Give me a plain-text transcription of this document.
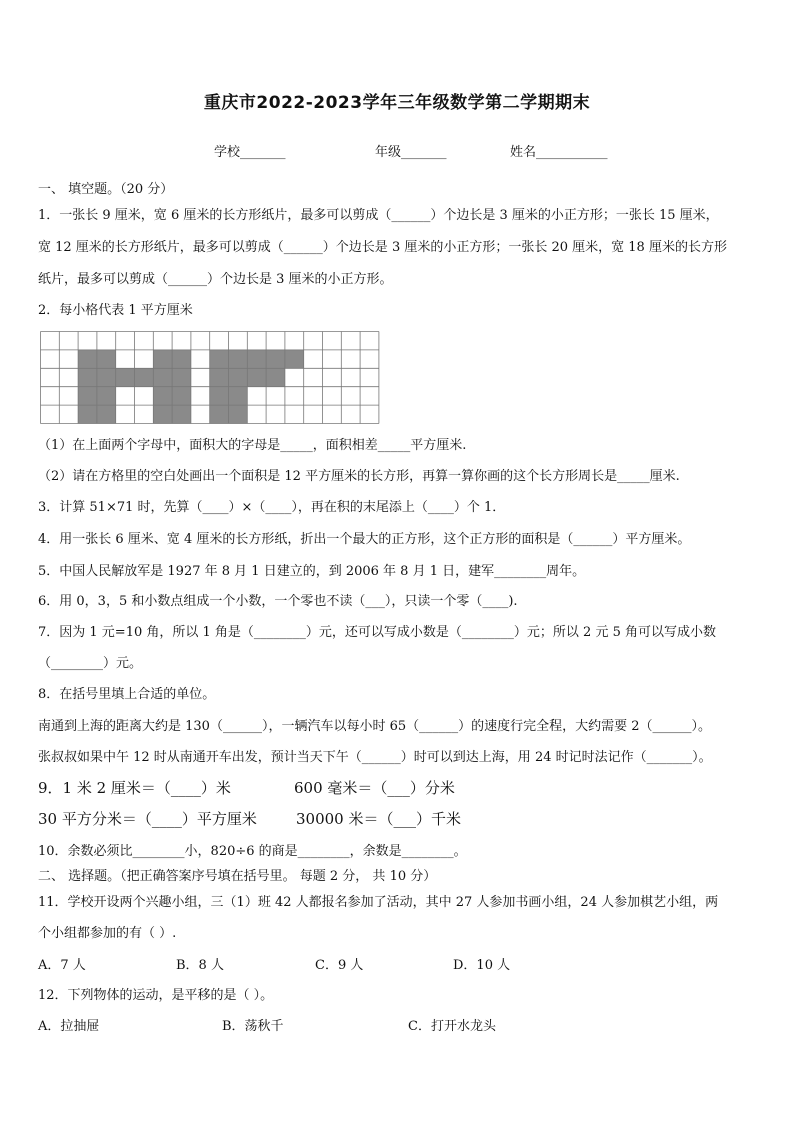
重庆市2022-2023学年三年级数学第二学期期末
学校_______	年级_______	姓名___________
一、 填空题。（20 分）
1．一张长 9 厘米，宽 6 厘米的长方形纸片，最多可以剪成（______）个边长是 3 厘米的小正方形；一张长 15 厘米，
宽 12 厘米的长方形纸片，最多可以剪成（______）个边长是 3 厘米的小正方形；一张长 20 厘米，宽 18 厘米的长方形
纸片，最多可以剪成（______）个边长是 3 厘米的小正方形。
2．每小格代表 1 平方厘米
（1）在上面两个字母中，面积大的字母是_____，面积相差_____平方厘米.
（2）请在方格里的空白处画出一个面积是 12 平方厘米的长方形，再算一算你画的这个长方形周长是_____厘米.
3．计算 51×71 时，先算（____）×（____），再在积的末尾添上（____）个 1．
4．用一张长 6 厘米、宽 4 厘米的长方形纸，折出一个最大的正方形，这个正方形的面积是（______）平方厘米。
5．中国人民解放军是 1927 年 8 月 1 日建立的，到 2006 年 8 月 1 日，建军________周年。
6．用 0，3，5 和小数点组成一个小数，一个零也不读（___），只读一个零（____).
7．因为 1 元=10 角，所以 1 角是（________）元，还可以写成小数是（________）元；所以 2 元 5 角可以写成小数
（________）元。
8．在括号里填上合适的单位。
南通到上海的距离大约是 130（______），一辆汽车以每小时 65（______）的速度行完全程，大约需要 2（______）。
张叔叔如果中午 12 时从南通开车出发，预计当天下午（______）时可以到达上海，用 24 时记时法记作（_______）。
9．1 米 2 厘米＝（____）米	600 毫米＝（___）分米
30 平方分米＝（____）平方厘米	30000 米＝（___）千米
10．余数必须比________小，820÷6 的商是________，余数是________。
二、 选择题。（把正确答案序号填在括号里。 每题 2 分， 共 10 分）
11．学校开设两个兴趣小组，三（1）班 42 人都报名参加了活动，其中 27 人参加书画小组，24 人参加棋艺小组，两
个小组都参加的有（ ）.
A．7 人	B．8 人	C．9 人	D．10 人
12．下列物体的运动，是平移的是（ ）。
A．拉抽屉	B．荡秋千	C．打开水龙头
